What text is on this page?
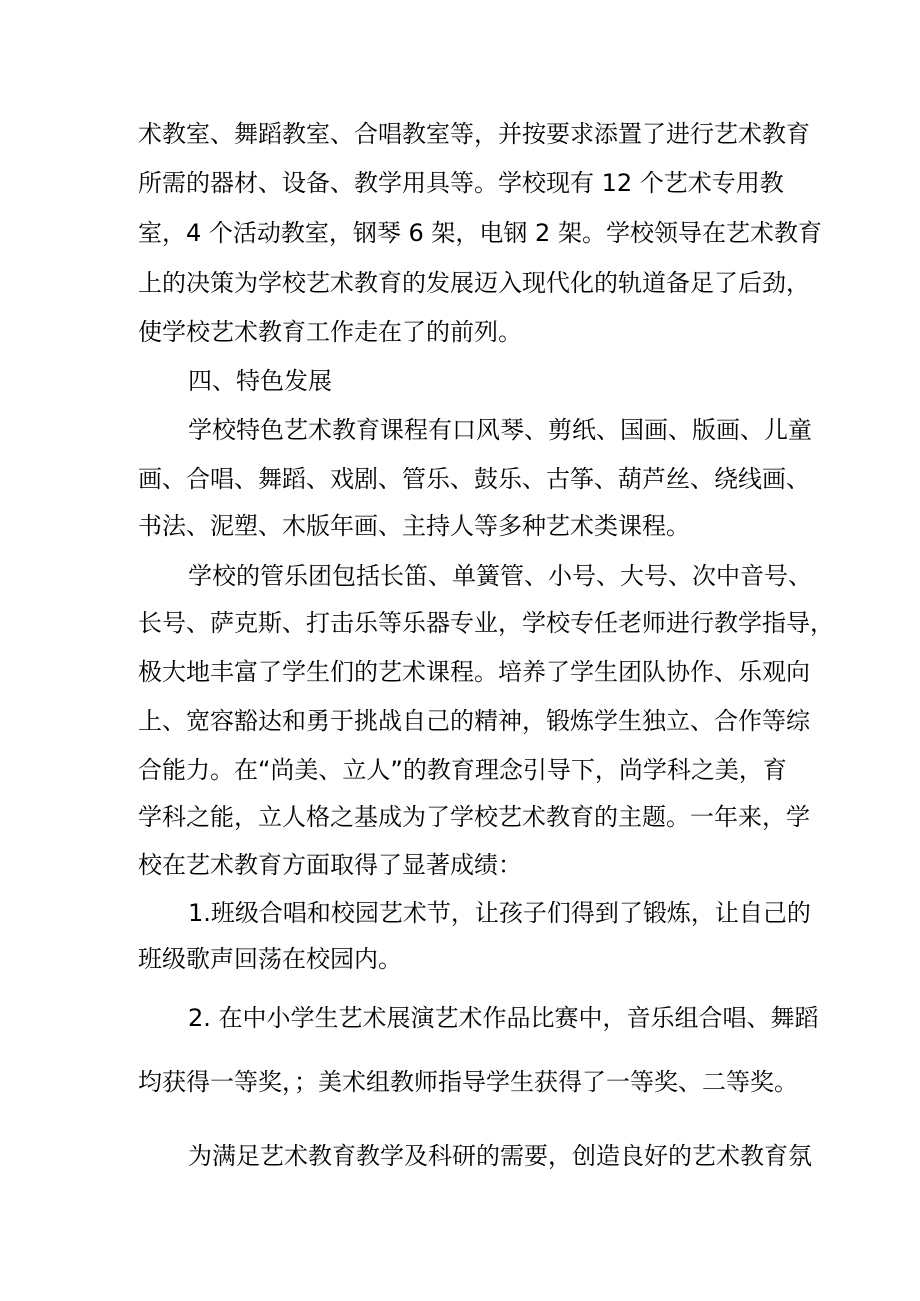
术教室、舞蹈教室、合唱教室等，并按要求添置了进行艺术教育
所需的器材、设备、教学用具等。学校现有 12 个艺术专用教
室，4 个活动教室，钢琴 6 架，电钢 2 架。学校领导在艺术教育
上的决策为学校艺术教育的发展迈入现代化的轨道备足了后劲，
使学校艺术教育工作走在了的前列。
四、特色发展
学校特色艺术教育课程有口风琴、剪纸、国画、版画、儿童
画、合唱、舞蹈、戏剧、管乐、鼓乐、古筝、葫芦丝、绕线画、
书法、泥塑、木版年画、主持人等多种艺术类课程。
学校的管乐团包括长笛、单簧管、小号、大号、次中音号、
长号、萨克斯、打击乐等乐器专业，学校专任老师进行教学指导，
极大地丰富了学生们的艺术课程。培养了学生团队协作、乐观向
上、宽容豁达和勇于挑战自己的精神，锻炼学生独立、合作等综
合能力。在“尚美、立人”的教育理念引导下，尚学科之美，育
学科之能，立人格之基成为了学校艺术教育的主题。一年来，学
校在艺术教育方面取得了显著成绩：
1.班级合唱和校园艺术节，让孩子们得到了锻炼，让自己的
班级歌声回荡在校园内。
2. 在中小学生艺术展演艺术作品比赛中，音乐组合唱、舞蹈
均获得一等奖，；美术组教师指导学生获得了一等奖、二等奖。
为满足艺术教育教学及科研的需要，创造良好的艺术教育氛
